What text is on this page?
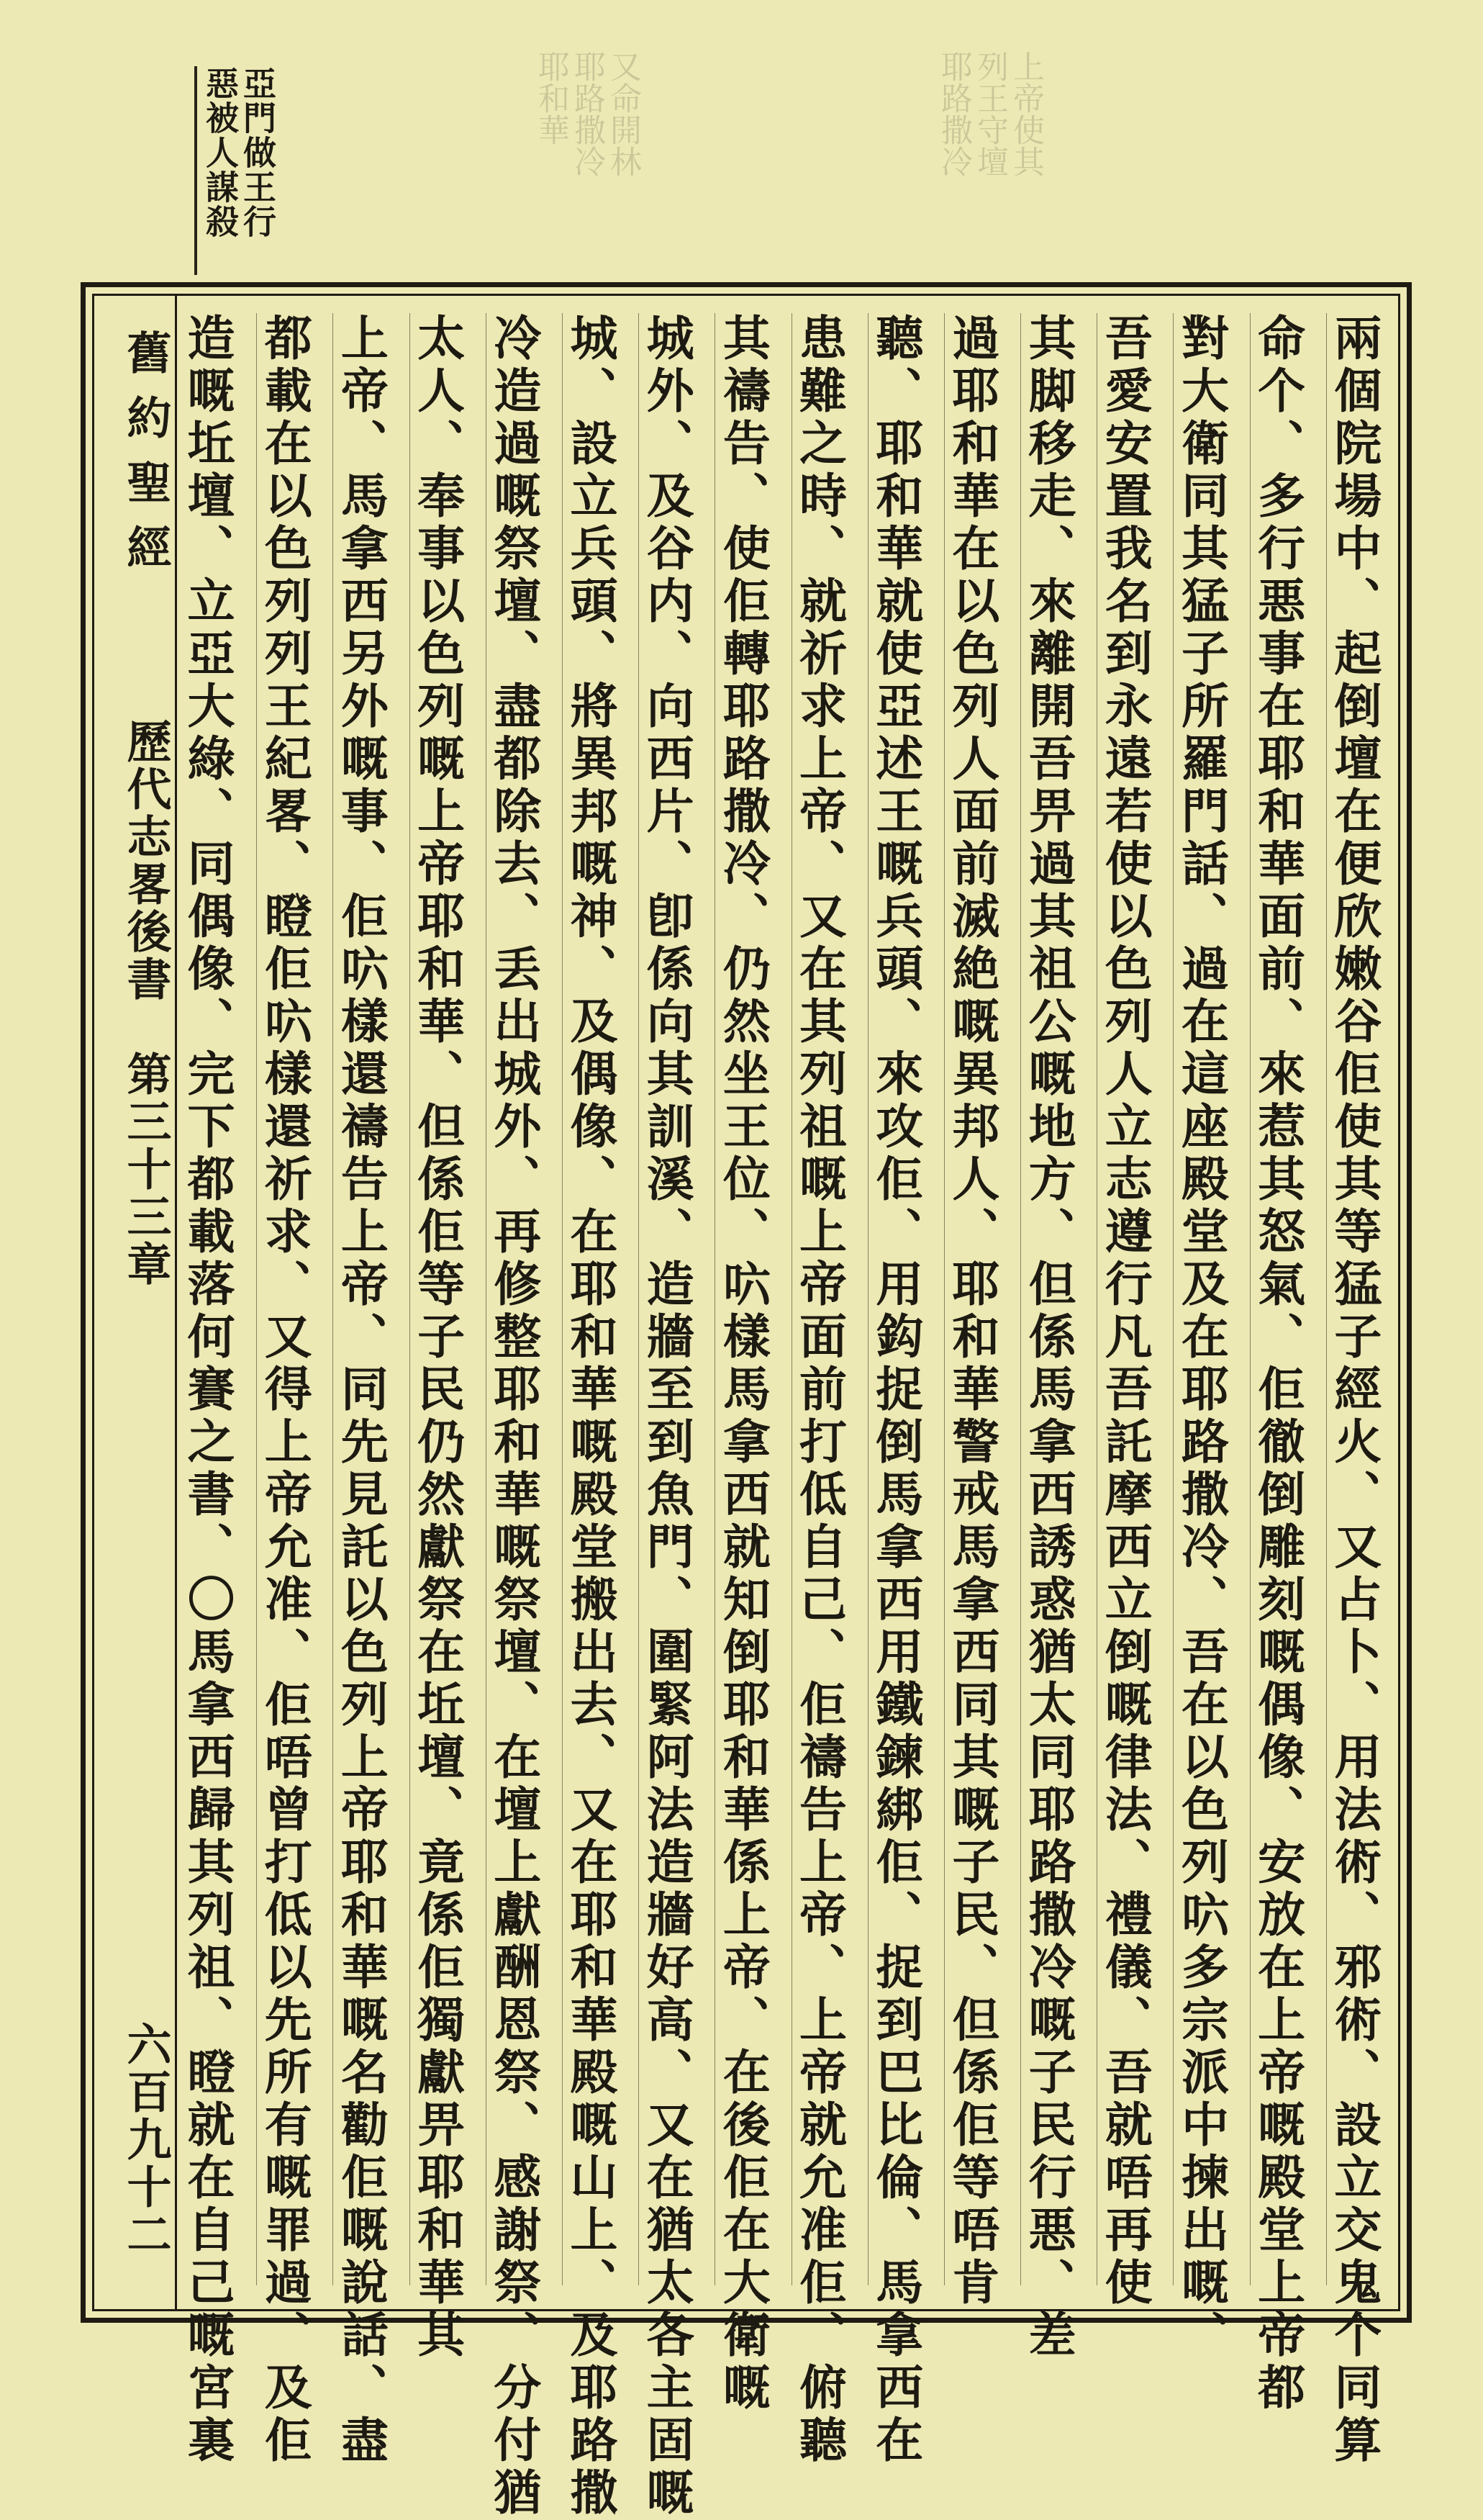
又命開林
耶路撒冷
耶和華	上帝使其
列王守壇
耶路撒冷
亞門做王行
惡被人謀殺
舊約聖經
歷代志畧後書　第三十三章
六百九十二	兩個院場中、起倒壇在便欣嫩谷佢使其等猛子經火、又占卜、用法術、邪術、設立交鬼个同算
命个、多行悪事在耶和華面前、來惹其怒氣、佢徹倒雕刻嘅偶像、安放在上帝嘅殿堂上帝都
對大衛同其猛子所羅門話、過在這座殿堂及在耶路撒冷、吾在以色列𠯿多宗派中揀出嘅、
吾愛安置我名到永遠若使以色列人立志遵行凡吾託摩西立倒嘅律法、禮儀、吾就唔再使
其脚移走、來離開吾畀過其祖公嘅地方、但係馬拿西誘惑猶太同耶路撒冷嘅子民行悪、差
過耶和華在以色列人面前滅絶嘅異邦人、耶和華警戒馬拿西同其嘅子民、但係佢等唔肯
聽、耶和華就使亞述王嘅兵頭、來攻佢、用鈎捉倒馬拿西用鐵鍊綁佢、捉到巴比倫、馬拿西在
患難之時、就祈求上帝、又在其列祖嘅上帝面前打低自己、佢禱告上帝、上帝就允准佢、俯聽
其禱告、使佢轉耶路撒冷、仍然坐王位、𠯿樣馬拿西就知倒耶和華係上帝、在後佢在大衛嘅
城外、及谷内、向西片、卽係向其訓溪、造牆至到魚門、圍緊阿法造牆好高、又在猶太各主固嘅
城、設立兵頭、將異邦嘅神、及偶像、在耶和華嘅殿堂搬出去、又在耶和華殿嘅山上、及耶路撒
冷造過嘅祭壇、盡都除去、丢出城外、再修整耶和華嘅祭壇、在壇上獻酬恩祭、感謝祭、分付猶
太人、奉事以色列嘅上帝耶和華、但係佢等子民仍然獻祭在坵壇、竟係佢獨獻畀耶和華其
上帝、馬拿西另外嘅事、佢𠯿樣還禱告上帝、同先見託以色列上帝耶和華嘅名勸佢嘅說話、盡
都載在以色列列王紀畧、瞪佢𠯿樣還祈求、又得上帝允准、佢唔曾打低以先所有嘅罪過、及佢
造嘅坵壇、立亞大綠、同偶像、完下都載落何賽之書、〇馬拿西歸其列祖、瞪就在自己嘅宮裏
